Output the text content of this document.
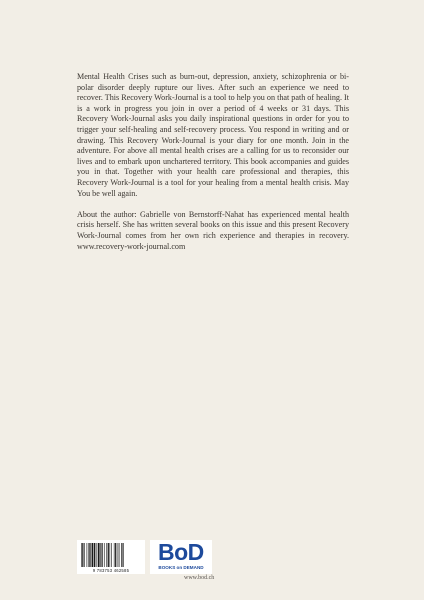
Mental Health Crises such as burn-out, depression, anxiety, schizophrenia or bi-polar disorder deeply rupture our lives. After such an experience we need to recover. This Recovery Work-Journal is a tool to help you on that path of healing. It is a work in progress you join in over a period of 4 weeks or 31 days. This Recovery Work-Journal asks you daily inspirational questions in order for you to trigger your self-healing and self-recovery process. You respond in writing and or drawing. This Recovery Work-Journal is your diary for one month. Join in the adventure. For above all mental health crises are a calling for us to reconsider our lives and to embark upon unchartered territory. This book accompanies and guides you in that. Together with your health care professional and therapies, this Recovery Work-Journal is a tool for your healing from a mental health crisis. May You be well again.

About the author: Gabrielle von Bernstorff-Nahat has experienced mental health crisis herself. She has written several books on this issue and this present Recovery Work-Journal comes from her own rich experience and therapies in recovery. www.recovery-work-journal.com

9 783753 462585
BoD
BOOKS on DEMAND
www.bod.ch
